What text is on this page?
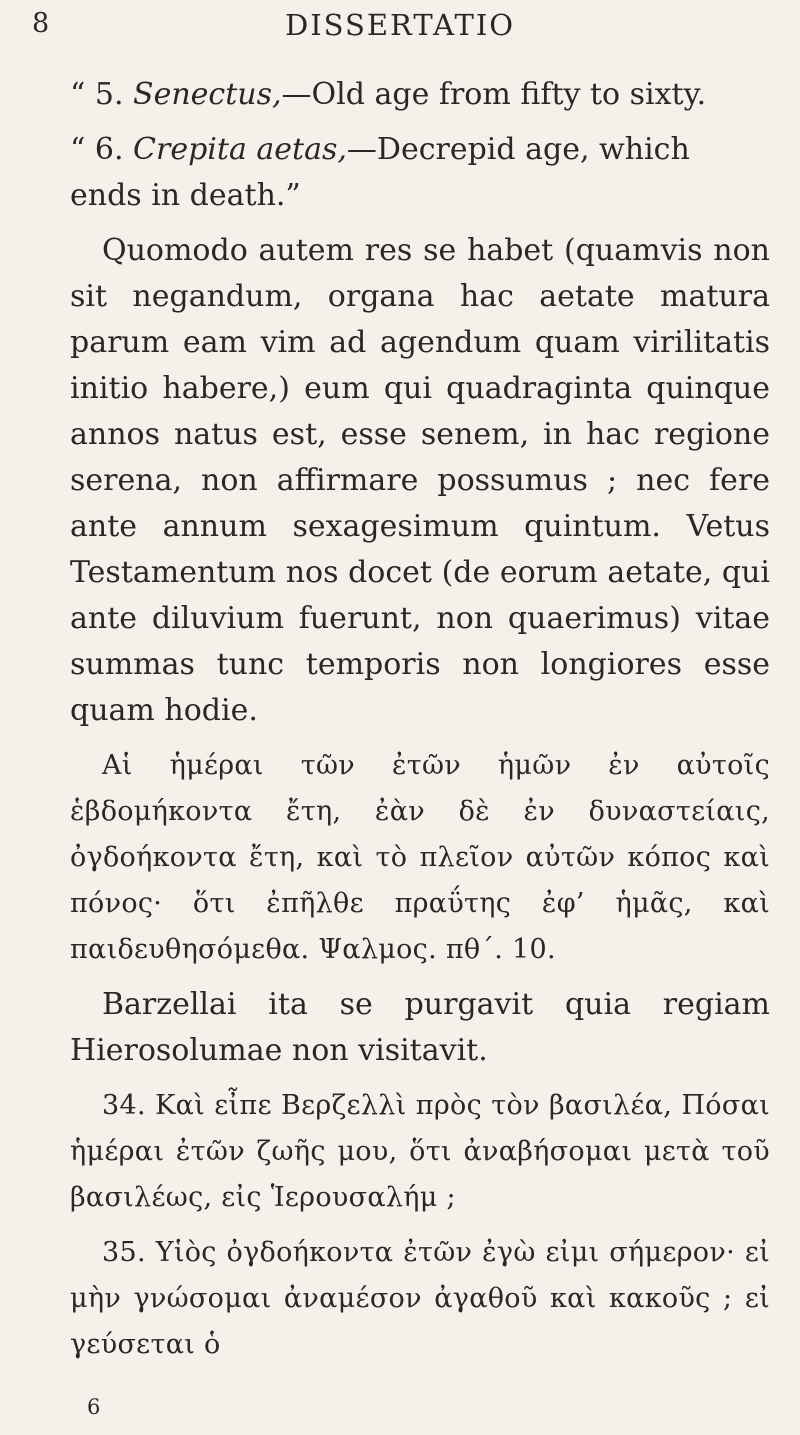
8	DISSERTATIO

“ 5. Senectus,—Old age from fifty to sixty.

“ 6. Crepita aetas,—Decrepid age, which ends in death.”

Quomodo autem res se habet (quamvis non sit negandum, organa hac aetate matura parum eam vim ad agendum quam virilitatis initio habere,) eum qui quadraginta quinque annos natus est, esse senem, in hac regione serena, non affirmare possumus ; nec fere ante annum sexagesimum quintum. Vetus Testamentum nos docet (de eorum aetate, qui ante diluvium fuerunt, non quaerimus) vitae summas tunc temporis non longiores esse quam hodie.

Αἱ ἡμέραι τῶν ἐτῶν ἡμῶν ἐν αὐτοῖς ἑβδομήκοντα ἔτη, ἐὰν δὲ ἐν δυναστείαις, ὀγδοήκοντα ἔτη, καὶ τὸ πλεῖον αὐτῶν κόπος καὶ πόνος· ὅτι ἐπῆλθε πραΰτης ἐφ’ ἡμᾶς, καὶ παιδευθησόμεθα. Ψαλμος. πθ΄. 10.

Barzellai ita se purgavit quia regiam Hierosolumae non visitavit.

34. Καὶ εἶπε Βερζελλὶ πρὸς τὸν βασιλέα, Πόσαι ἡμέραι ἐτῶν ζωῆς μου, ὅτι ἀναβήσομαι μετὰ τοῦ βασιλέως, εἰς Ἱερουσαλήμ ;

35. Υἱὸς ὀγδοήκοντα ἐτῶν ἐγὼ εἰμι σήμερον· εἰ μὴν γνώσομαι ἀναμέσον ἀγαθοῦ καὶ κακοῦς ; εἰ γεύσεται ὁ

6
